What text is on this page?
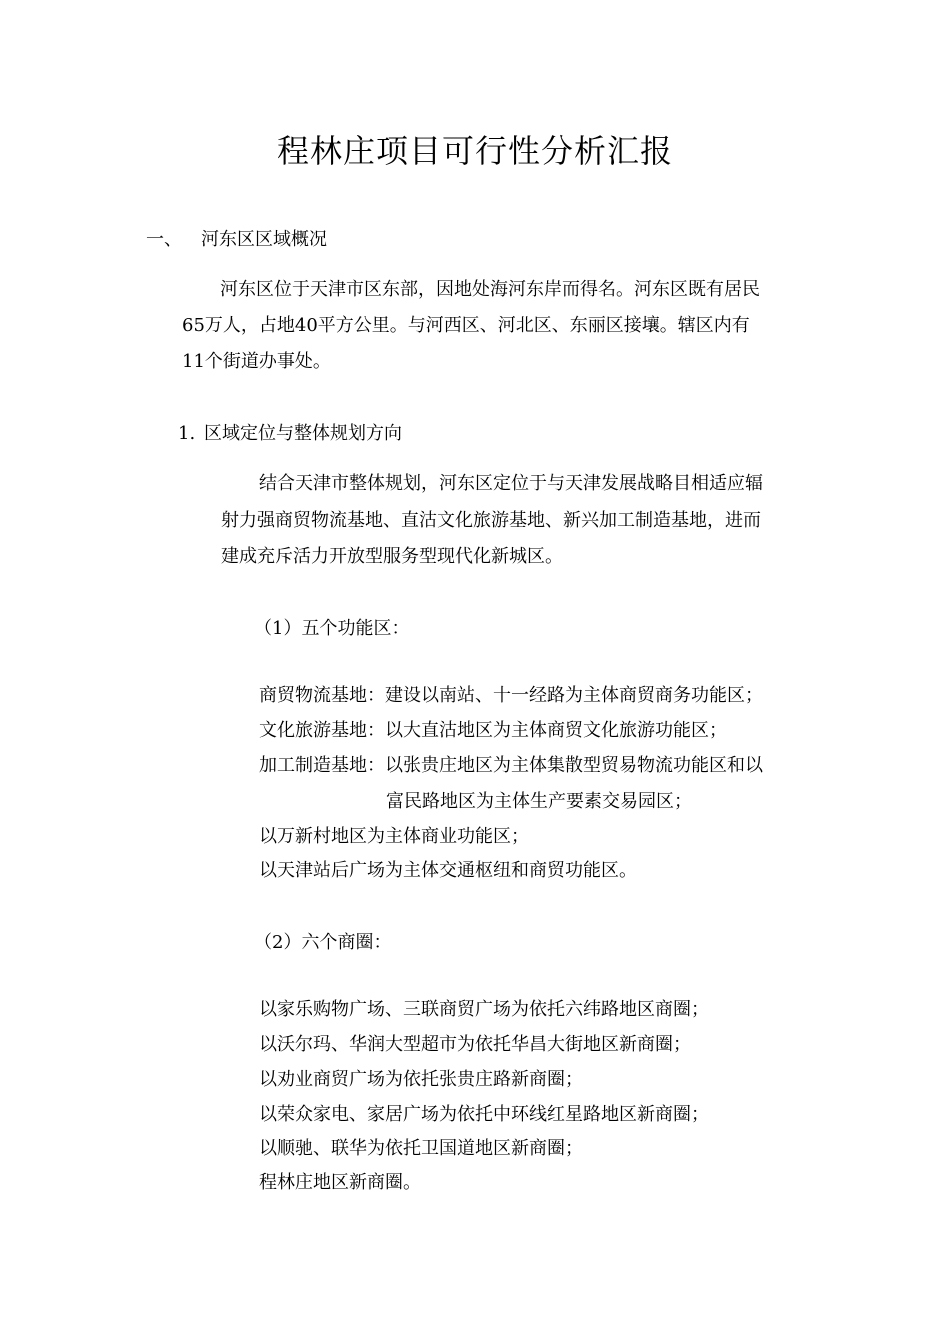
程林庄项目可行性分析汇报
一、 河东区区域概况
河东区位于天津市区东部，因地处海河东岸而得名。河东区既有居民
65万人，占地40平方公里。与河西区、河北区、东丽区接壤。辖区内有
11个街道办事处。
1. 区域定位与整体规划方向
结合天津市整体规划，河东区定位于与天津发展战略目相适应辐
射力强商贸物流基地、直沽文化旅游基地、新兴加工制造基地，进而
建成充斥活力开放型服务型现代化新城区。
（1）五个功能区：
商贸物流基地：建设以南站、十一经路为主体商贸商务功能区；
文化旅游基地：以大直沽地区为主体商贸文化旅游功能区；
加工制造基地：以张贵庄地区为主体集散型贸易物流功能区和以
富民路地区为主体生产要素交易园区；
以万新村地区为主体商业功能区；
以天津站后广场为主体交通枢纽和商贸功能区。
（2）六个商圈：
以家乐购物广场、三联商贸广场为依托六纬路地区商圈；
以沃尔玛、华润大型超市为依托华昌大街地区新商圈；
以劝业商贸广场为依托张贵庄路新商圈；
以荣众家电、家居广场为依托中环线红星路地区新商圈；
以顺驰、联华为依托卫国道地区新商圈；
程林庄地区新商圈。
